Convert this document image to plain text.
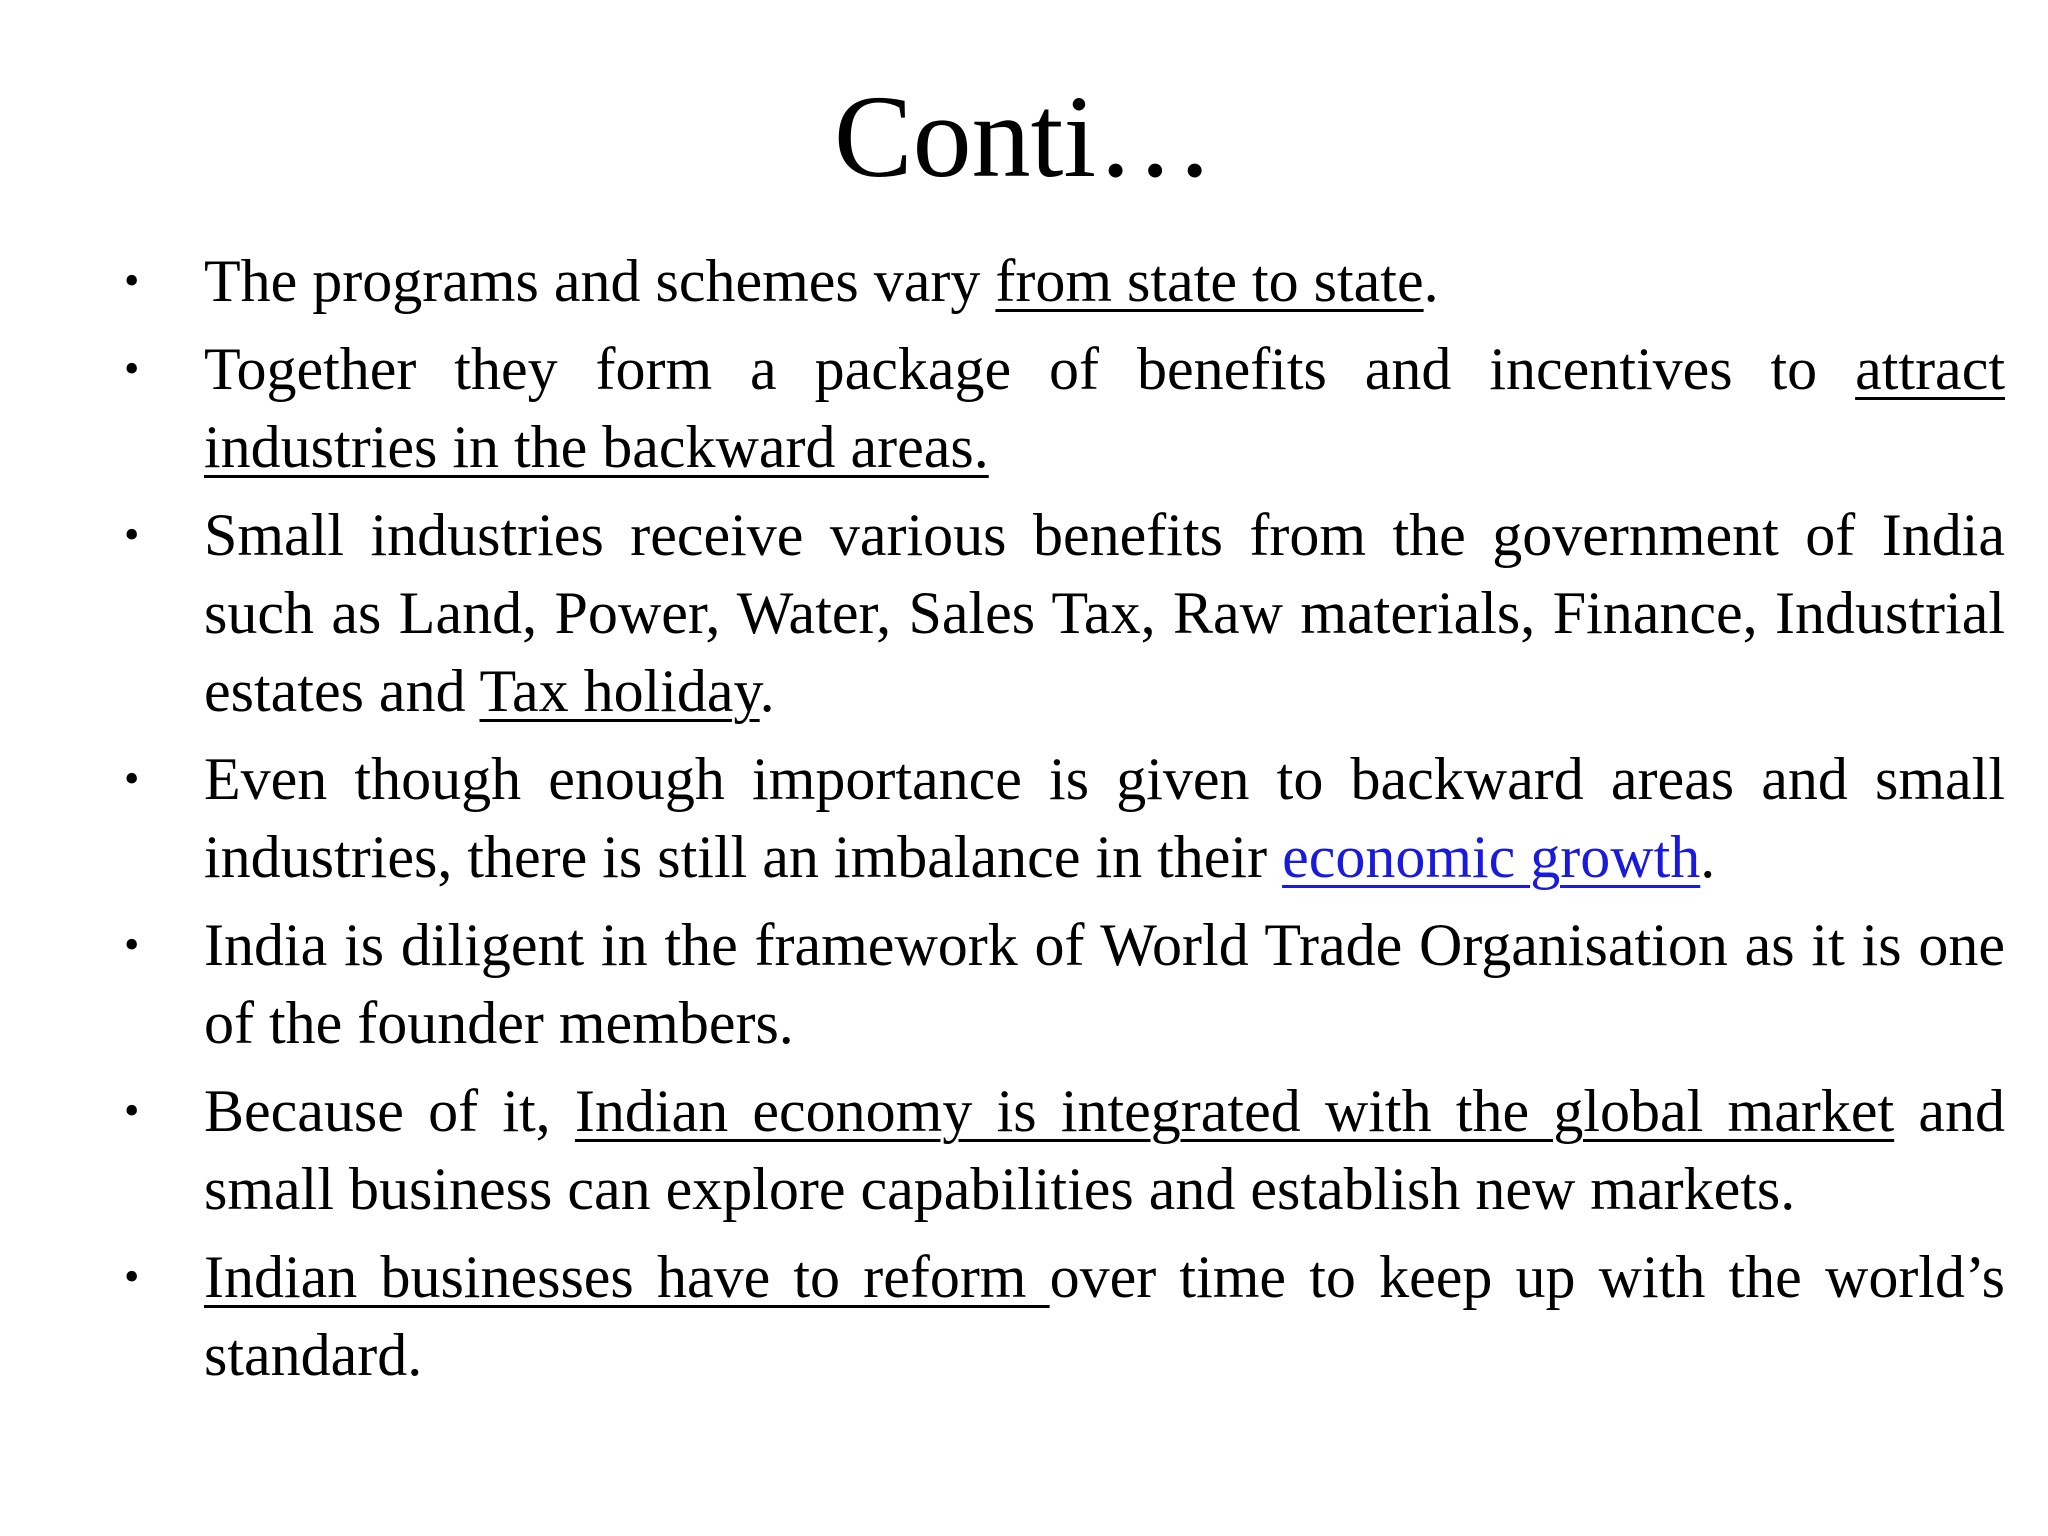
Conti…
• The programs and schemes vary from state to state.
• Together they form a package of benefits and incentives to attract industries in the backward areas.
• Small industries receive various benefits from the government of India such as Land, Power, Water, Sales Tax, Raw materials, Finance, Industrial estates and Tax holiday.
• Even though enough importance is given to backward areas and small industries, there is still an imbalance in their economic growth.
• India is diligent in the framework of World Trade Organisation as it is one of the founder members.
• Because of it, Indian economy is integrated with the global market and small business can explore capabilities and establish new markets.
• Indian businesses have to reform over time to keep up with the world’s standard.
